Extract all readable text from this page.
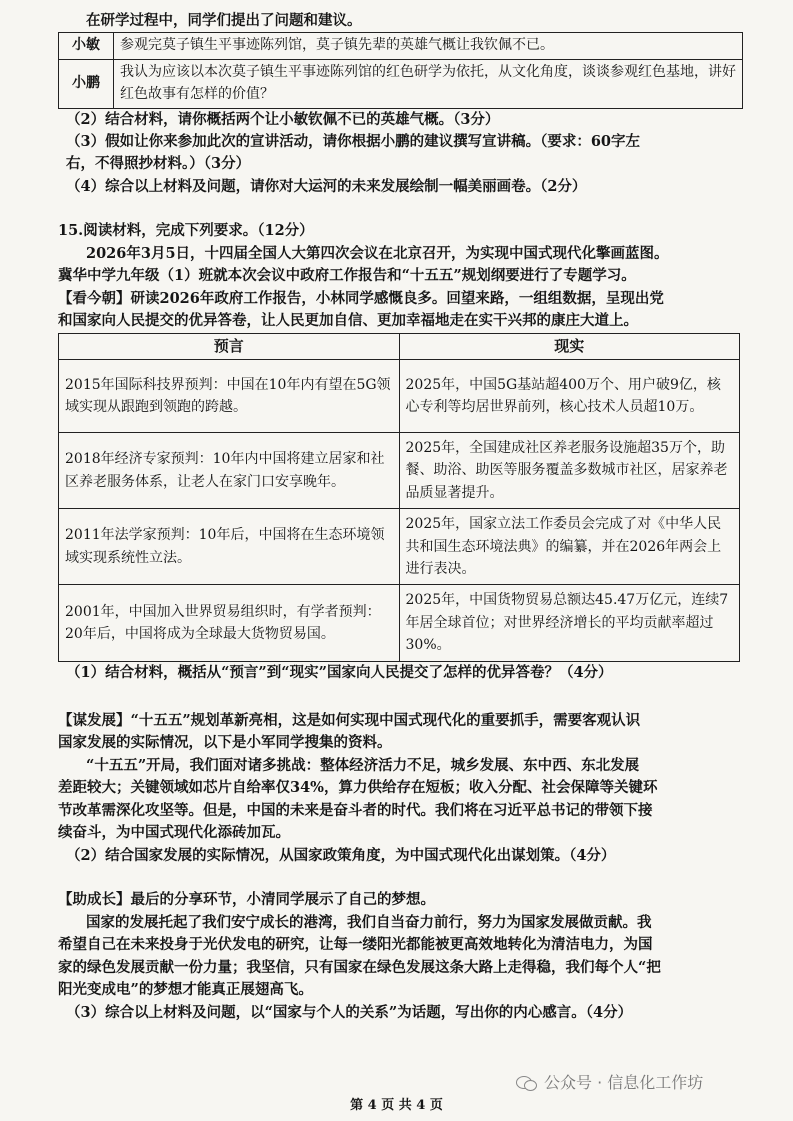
在研学过程中，同学们提出了问题和建议。

小敏	参观完莫子镇生平事迹陈列馆，莫子镇先辈的英雄气概让我钦佩不已。
小鹏	我认为应该以本次莫子镇生平事迹陈列馆的红色研学为依托，从文化角度，谈谈参观红色基地，讲好红色故事有怎样的价值？

（2）结合材料，请你概括两个让小敏钦佩不已的英雄气概。（3分）

（3）假如让你来参加此次的宣讲活动，请你根据小鹏的建议撰写宣讲稿。（要求：60字左

右，不得照抄材料。）（3分）

（4）综合以上材料及问题，请你对大运河的未来发展绘制一幅美丽画卷。（2分）

15.阅读材料，完成下列要求。（12分）

2026年3月5日，十四届全国人大第四次会议在北京召开，为实现中国式现代化擎画蓝图。

冀华中学九年级（1）班就本次会议中政府工作报告和“十五五”规划纲要进行了专题学习。

【看今朝】研读2026年政府工作报告，小林同学感慨良多。回望来路，一组组数据，呈现出党

和国家向人民提交的优异答卷，让人民更加自信、更加幸福地走在实干兴邦的康庄大道上。

预言	现实
2015年国际科技界预判：中国在10年内有望在5G领域实现从跟跑到领跑的跨越。	2025年，中国5G基站超400万个、用户破9亿，核心专利等均居世界前列，核心技术人员超10万。
2018年经济专家预判：10年内中国将建立居家和社区养老服务体系，让老人在家门口安享晚年。	2025年，全国建成社区养老服务设施超35万个，助餐、助浴、助医等服务覆盖多数城市社区，居家养老品质显著提升。
2011年法学家预判：10年后，中国将在生态环境领域实现系统性立法。	2025年，国家立法工作委员会完成了对《中华人民共和国生态环境法典》的编纂，并在2026年两会上进行表决。
2001年，中国加入世界贸易组织时，有学者预判：20年后，中国将成为全球最大货物贸易国。	2025年，中国货物贸易总额达45.47万亿元，连续7年居全球首位；对世界经济增长的平均贡献率超过30%。

（1）结合材料，概括从“预言”到“现实”国家向人民提交了怎样的优异答卷？（4分）

【谋发展】“十五五”规划革新亮相，这是如何实现中国式现代化的重要抓手，需要客观认识

国家发展的实际情况，以下是小军同学搜集的资料。

“十五五”开局，我们面对诸多挑战：整体经济活力不足，城乡发展、东中西、东北发展

差距较大；关键领域如芯片自给率仅34%，算力供给存在短板；收入分配、社会保障等关键环

节改革需深化攻坚等。但是，中国的未来是奋斗者的时代。我们将在习近平总书记的带领下接

续奋斗，为中国式现代化添砖加瓦。

（2）结合国家发展的实际情况，从国家政策角度，为中国式现代化出谋划策。（4分）

【助成长】最后的分享环节，小清同学展示了自己的梦想。

国家的发展托起了我们安宁成长的港湾，我们自当奋力前行，努力为国家发展做贡献。我

希望自己在未来投身于光伏发电的研究，让每一缕阳光都能被更高效地转化为清洁电力，为国

家的绿色发展贡献一份力量；我坚信，只有国家在绿色发展这条大路上走得稳，我们每个人“把

阳光变成电”的梦想才能真正展翅高飞。

（3）综合以上材料及问题，以“国家与个人的关系”为话题，写出你的内心感言。（4分）

公众号 · 信息化工作坊
第 4 页 共 4 页
